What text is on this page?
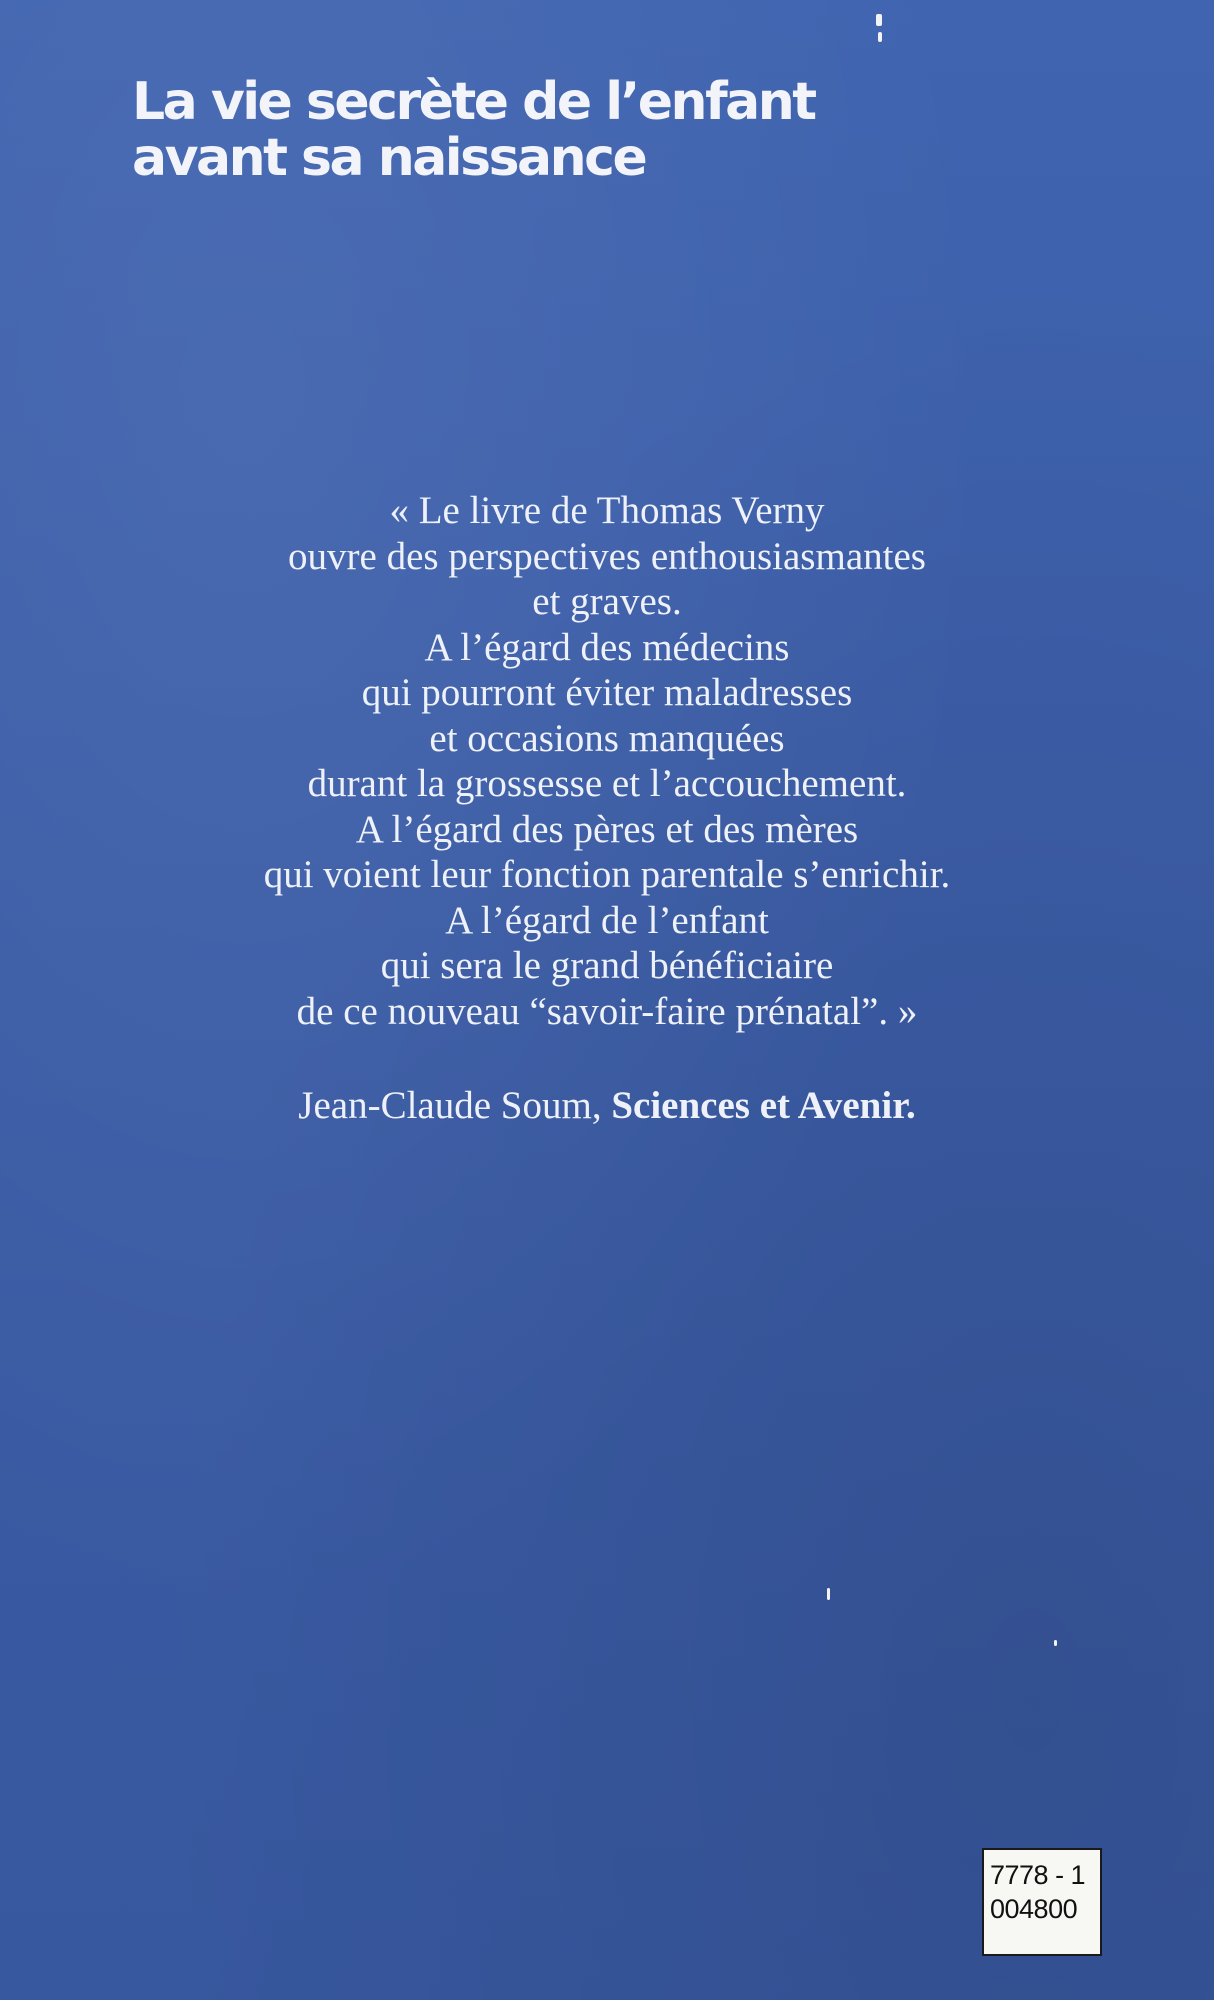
La vie secrète de l’enfant
avant sa naissance
« Le livre de Thomas Verny
ouvre des perspectives enthousiasmantes
et graves.
A l’égard des médecins
qui pourront éviter maladresses
et occasions manquées
durant la grossesse et l’accouchement.
A l’égard des pères et des mères
qui voient leur fonction parentale s’enrichir.
A l’égard de l’enfant
qui sera le grand bénéficiaire
de ce nouveau “savoir-faire prénatal”. »
Jean-Claude Soum, Sciences et Avenir.
7778 - 1
004800
